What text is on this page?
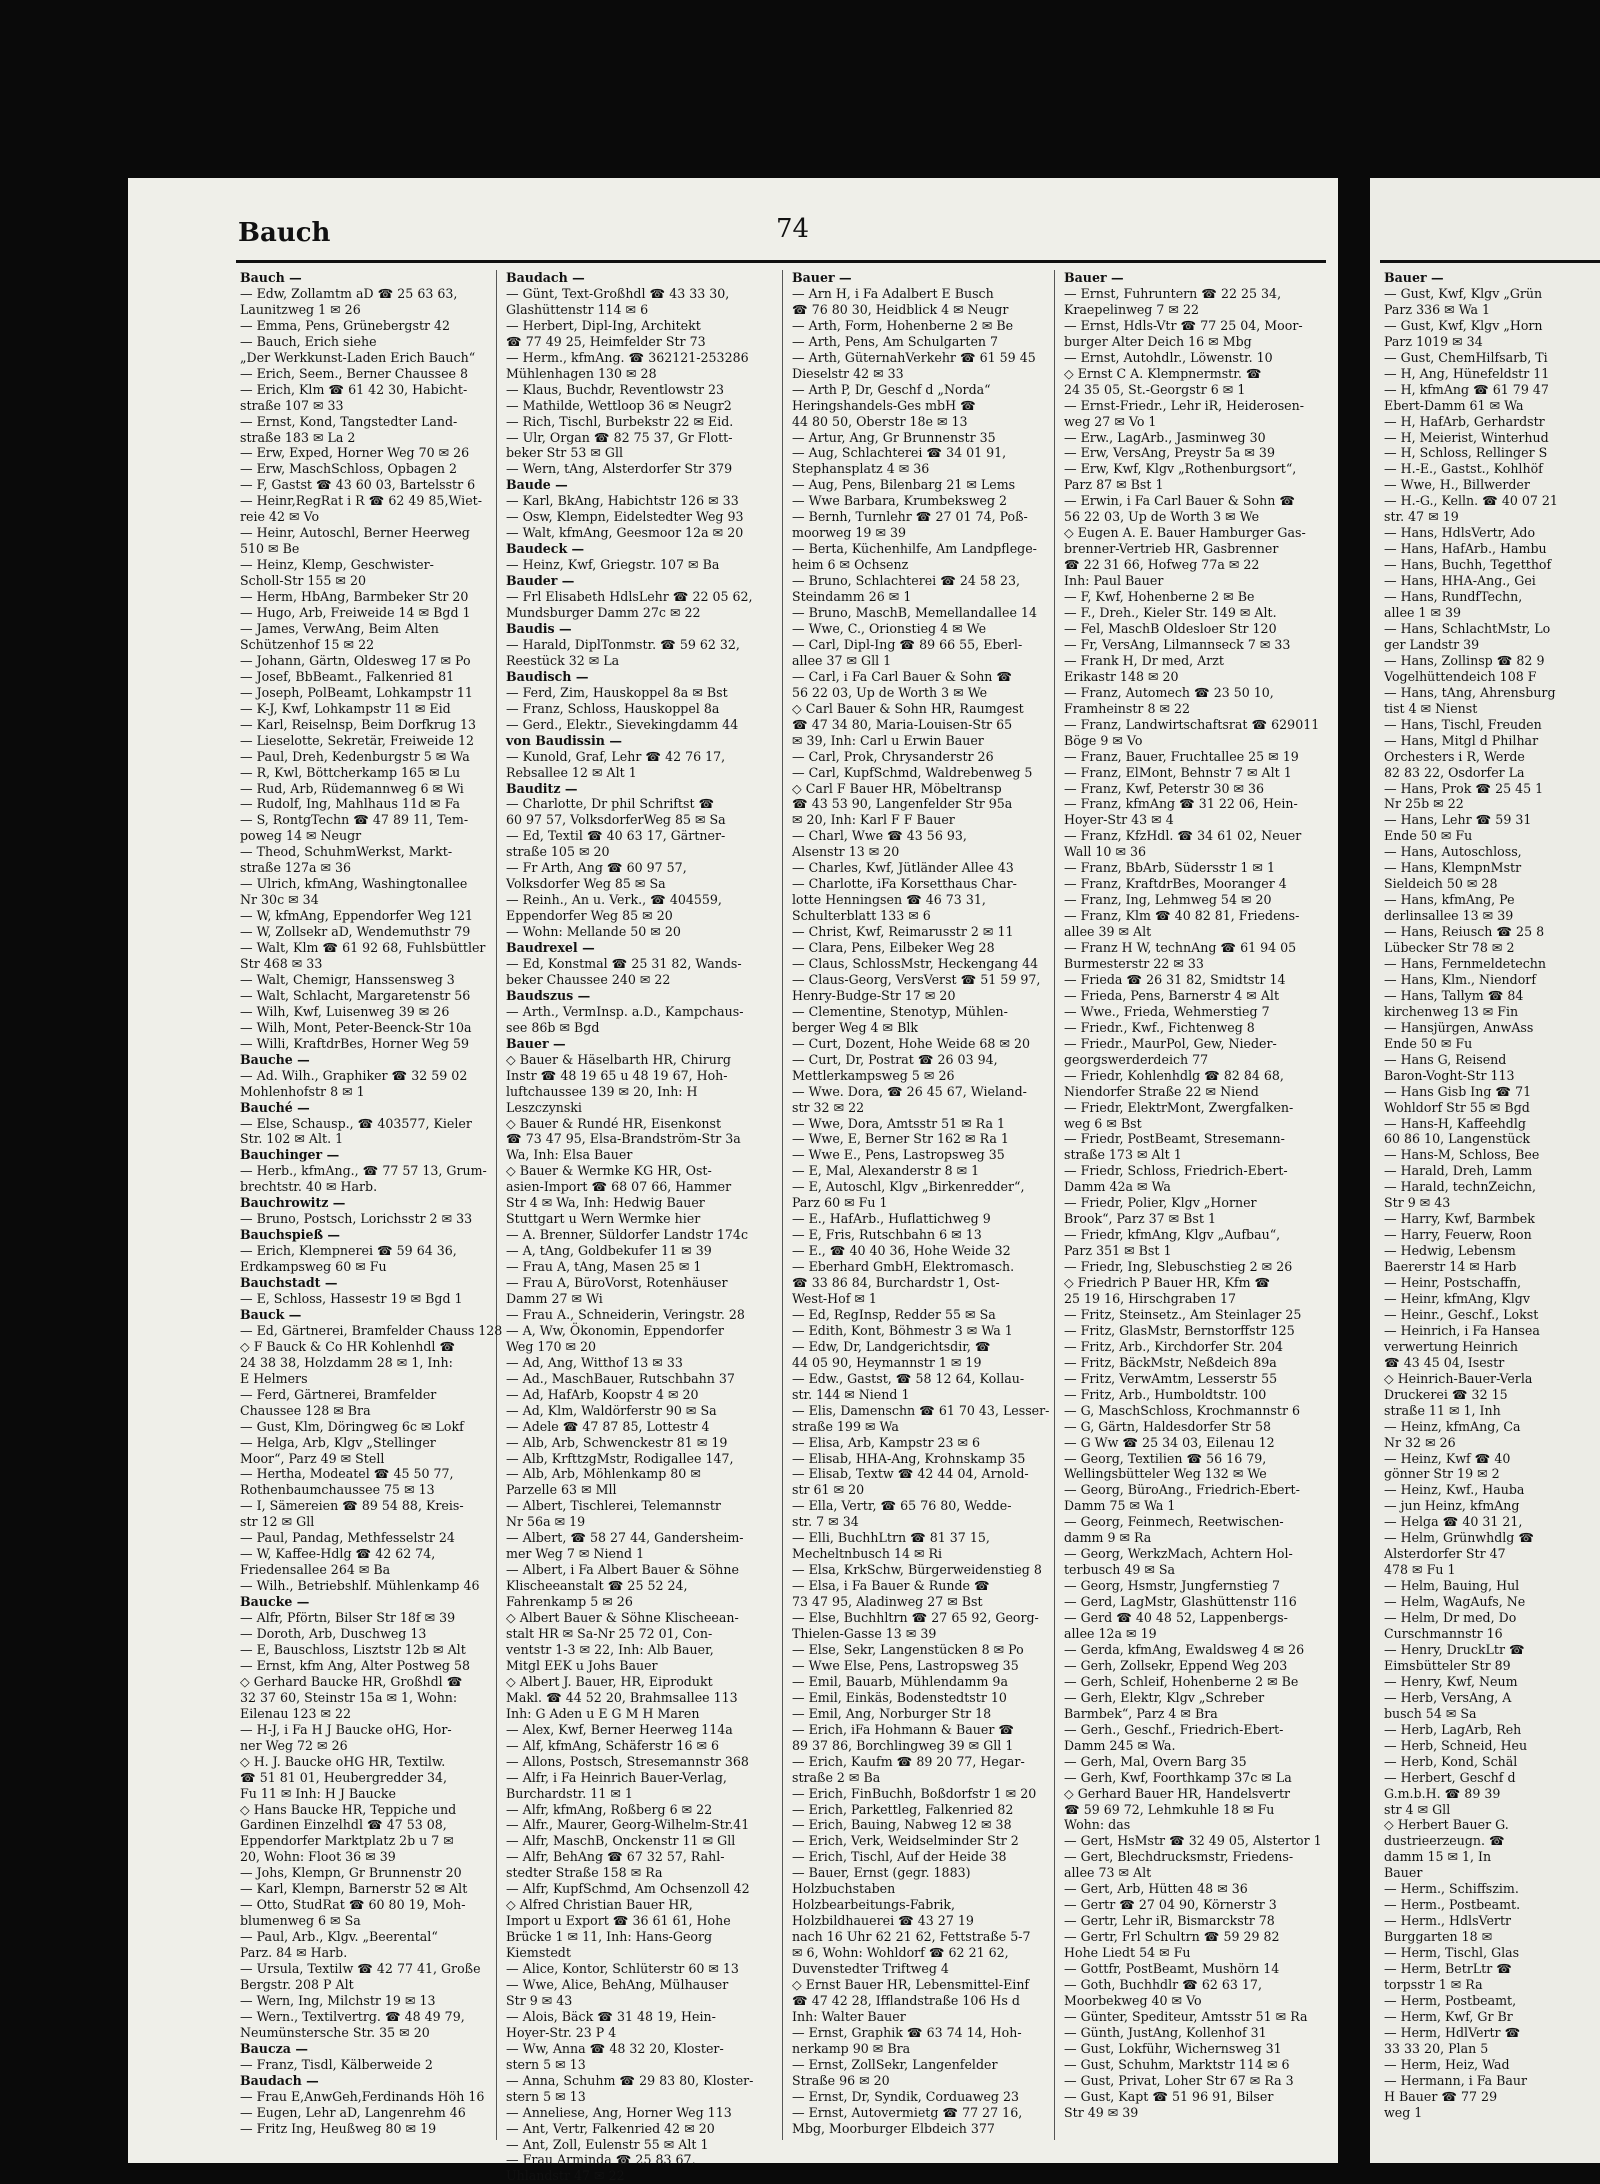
Bauch	74
Bauch —
— Edw, Zollamtm aD ☎ 25 63 63,
Launitzweg 1 ✉ 26
— Emma, Pens, Grünebergstr 42
— Bauch, Erich siehe
„Der Werkkunst-Laden Erich Bauch“
— Erich, Seem., Berner Chaussee 8
— Erich, Klm ☎ 61 42 30, Habicht-
straße 107 ✉ 33
— Ernst, Kond, Tangstedter Land-
straße 183 ✉ La 2
— Erw, Exped, Horner Weg 70 ✉ 26
— Erw, MaschSchloss, Opbagen 2
— F, Gastst ☎ 43 60 03, Bartelsstr 6
— Heinr,RegRat i R ☎ 62 49 85,Wiet-
reie 42 ✉ Vo
— Heinr, Autoschl, Berner Heerweg
510 ✉ Be
— Heinz, Klemp, Geschwister-
Scholl-Str 155 ✉ 20
— Herm, HbAng, Barmbeker Str 20
— Hugo, Arb, Freiweide 14 ✉ Bgd 1
— James, VerwAng, Beim Alten
Schützenhof 15 ✉ 22
— Johann, Gärtn, Oldesweg 17 ✉ Po
— Josef, BbBeamt., Falkenried 81
— Joseph, PolBeamt, Lohkampstr 11
— K-J, Kwf, Lohkampstr 11 ✉ Eid
— Karl, Reiselnsp, Beim Dorfkrug 13
— Lieselotte, Sekretär, Freiweide 12
— Paul, Dreh, Kedenburgstr 5 ✉ Wa
— R, Kwl, Böttcherkamp 165 ✉ Lu
— Rud, Arb, Rüdemannweg 6 ✉ Wi
— Rudolf, Ing, Mahlhaus 11d ✉ Fa
— S, RontgTechn ☎ 47 89 11, Tem-
poweg 14 ✉ Neugr
— Theod, SchuhmWerkst, Markt-
straße 127a ✉ 36
— Ulrich, kfmAng, Washingtonallee
Nr 30c ✉ 34
— W, kfmAng, Eppendorfer Weg 121
— W, Zollsekr aD, Wendemuthstr 79
— Walt, Klm ☎ 61 92 68, Fuhlsbüttler
Str 468 ✉ 33
— Walt, Chemigr, Hanssensweg 3
— Walt, Schlacht, Margaretenstr 56
— Wilh, Kwf, Luisenweg 39 ✉ 26
— Wilh, Mont, Peter-Beenck-Str 10a
— Willi, KraftdrBes, Horner Weg 59
Bauche —
— Ad. Wilh., Graphiker ☎ 32 59 02
Mohlenhofstr 8 ✉ 1
Bauché —
— Else, Schausp., ☎ 403577, Kieler
Str. 102 ✉ Alt. 1
Bauchinger —
— Herb., kfmAng., ☎ 77 57 13, Grum-
brechtstr. 40 ✉ Harb.
Bauchrowitz —
— Bruno, Postsch, Lorichsstr 2 ✉ 33
Bauchspieß —
— Erich, Klempnerei ☎ 59 64 36,
Erdkampsweg 60 ✉ Fu
Bauchstadt —
— E, Schloss, Hassestr 19 ✉ Bgd 1
Bauck —
— Ed, Gärtnerei, Bramfelder Chauss 128
◇ F Bauck & Co HR Kohlenhdl ☎
24 38 38, Holzdamm 28 ✉ 1, Inh:
E Helmers
— Ferd, Gärtnerei, Bramfelder
Chaussee 128 ✉ Bra
— Gust, Klm, Döringweg 6c ✉ Lokf
— Helga, Arb, Klgv „Stellinger
Moor“, Parz 49 ✉ Stell
— Hertha, Modeatel ☎ 45 50 77,
Rothenbaumchaussee 75 ✉ 13
— I, Sämereien ☎ 89 54 88, Kreis-
str 12 ✉ Gll
— Paul, Pandag, Methfesselstr 24
— W, Kaffee-Hdlg ☎ 42 62 74,
Friedensallee 264 ✉ Ba
— Wilh., Betriebshlf. Mühlenkamp 46
Baucke —
— Alfr, Pförtn, Bilser Str 18f ✉ 39
— Doroth, Arb, Duschweg 13
— E, Bauschloss, Lisztstr 12b ✉ Alt
— Ernst, kfm Ang, Alter Postweg 58
◇ Gerhard Baucke HR, Großhdl ☎
32 37 60, Steinstr 15a ✉ 1, Wohn:
Eilenau 123 ✉ 22
— H-J, i Fa H J Baucke oHG, Hor-
ner Weg 72 ✉ 26
◇ H. J. Baucke oHG HR, Textilw.
☎ 51 81 01, Heubergredder 34,
Fu 11 ✉ Inh: H J Baucke
◇ Hans Baucke HR, Teppiche und
Gardinen Einzelhdl ☎ 47 53 08,
Eppendorfer Marktplatz 2b u 7 ✉
20, Wohn: Floot 36 ✉ 39
— Johs, Klempn, Gr Brunnenstr 20
— Karl, Klempn, Barnerstr 52 ✉ Alt
— Otto, StudRat ☎ 60 80 19, Moh-
blumenweg 6 ✉ Sa
— Paul, Arb., Klgv. „Beerental“
Parz. 84 ✉ Harb.
— Ursula, Textilw ☎ 42 77 41, Große
Bergstr. 208 P Alt
— Wern, Ing, Milchstr 19 ✉ 13
— Wern., Textilvertrg. ☎ 48 49 79,
Neumünstersche Str. 35 ✉ 20
Baucza —
— Franz, Tisdl, Kälberweide 2
Baudach —
— Frau E,AnwGeh,Ferdinands Höh 16
— Eugen, Lehr aD, Langenrehm 46
— Fritz Ing, Heußweg 80 ✉ 19
Baudach —
— Günt, Text-Großhdl ☎ 43 33 30,
Glashüttenstr 114 ✉ 6
— Herbert, Dipl-Ing, Architekt
☎ 77 49 25, Heimfelder Str 73
— Herm., kfmAng. ☎ 362121-253286
Mühlenhagen 130 ✉ 28
— Klaus, Buchdr, Reventlowstr 23
— Mathilde, Wettloop 36 ✉ Neugr2
— Rich, Tischl, Burbekstr 22 ✉ Eid.
— Ulr, Organ ☎ 82 75 37, Gr Flott-
beker Str 53 ✉ Gll
— Wern, tAng, Alsterdorfer Str 379
Baude —
— Karl, BkAng, Habichtstr 126 ✉ 33
— Osw, Klempn, Eidelstedter Weg 93
— Walt, kfmAng, Geesmoor 12a ✉ 20
Baudeck —
— Heinz, Kwf, Griegstr. 107 ✉ Ba
Bauder —
— Frl Elisabeth HdlsLehr ☎ 22 05 62,
Mundsburger Damm 27c ✉ 22
Baudis —
— Harald, DiplTonmstr. ☎ 59 62 32,
Reestück 32 ✉ La
Baudisch —
— Ferd, Zim, Hauskoppel 8a ✉ Bst
— Franz, Schloss, Hauskoppel 8a
— Gerd., Elektr., Sievekingdamm 44
von Baudissin —
— Kunold, Graf, Lehr ☎ 42 76 17,
Rebsallee 12 ✉ Alt 1
Bauditz —
— Charlotte, Dr phil Schriftst ☎
60 97 57, VolksdorferWeg 85 ✉ Sa
— Ed, Textil ☎ 40 63 17, Gärtner-
straße 105 ✉ 20
— Fr Arth, Ang ☎ 60 97 57,
Volksdorfer Weg 85 ✉ Sa
— Reinh., An u. Verk., ☎ 404559,
Eppendorfer Weg 85 ✉ 20
— Wohn: Mellande 50 ✉ 20
Baudrexel —
— Ed, Konstmal ☎ 25 31 82, Wands-
beker Chaussee 240 ✉ 22
Baudszus —
— Arth., VermInsp. a.D., Kampchaus-
see 86b ✉ Bgd
Bauer —
◇ Bauer & Häselbarth HR, Chirurg
Instr ☎ 48 19 65 u 48 19 67, Hoh-
luftchaussee 139 ✉ 20, Inh: H
Leszczynski
◇ Bauer & Rundé HR, Eisenkonst
☎ 73 47 95, Elsa-Brandström-Str 3a
Wa, Inh: Elsa Bauer
◇ Bauer & Wermke KG HR, Ost-
asien-Import ☎ 68 07 66, Hammer
Str 4 ✉ Wa, Inh: Hedwig Bauer
Stuttgart u Wern Wermke hier
— A. Brenner, Süldorfer Landstr 174c
— A, tAng, Goldbekufer 11 ✉ 39
— Frau A, tAng, Masen 25 ✉ 1
— Frau A, BüroVorst, Rotenhäuser
Damm 27 ✉ Wi
— Frau A., Schneiderin, Veringstr. 28
— A, Ww, Ökonomin, Eppendorfer
Weg 170 ✉ 20
— Ad, Ang, Witthof 13 ✉ 33
— Ad., MaschBauer, Rutschbahn 37
— Ad, HafArb, Koopstr 4 ✉ 20
— Ad, Klm, Waldörferstr 90 ✉ Sa
— Adele ☎ 47 87 85, Lottestr 4
— Alb, Arb, Schwenckestr 81 ✉ 19
— Alb, KrfttzgMstr, Rodigallee 147,
— Alb, Arb, Möhlenkamp 80 ✉
Parzelle 63 ✉ Mll
— Albert, Tischlerei, Telemannstr
Nr 56a ✉ 19
— Albert, ☎ 58 27 44, Gandersheim-
mer Weg 7 ✉ Niend 1
— Albert, i Fa Albert Bauer & Söhne
Klischeeanstalt ☎ 25 52 24,
Fahrenkamp 5 ✉ 26
◇ Albert Bauer & Söhne Klischeean-
stalt HR ✉ Sa-Nr 25 72 01, Con-
ventstr 1-3 ✉ 22, Inh: Alb Bauer,
Mitgl EEK u Johs Bauer
◇ Albert J. Bauer, HR, Eiprodukt
Makl. ☎ 44 52 20, Brahmsallee 113
Inh: G Aden u E G M H Maren
— Alex, Kwf, Berner Heerweg 114a
— Alf, kfmAng, Schäferstr 16 ✉ 6
— Allons, Postsch, Stresemannstr 368
— Alfr, i Fa Heinrich Bauer-Verlag,
Burchardstr. 11 ✉ 1
— Alfr, kfmAng, Roßberg 6 ✉ 22
— Alfr., Maurer, Georg-Wilhelm-Str.41
— Alfr, MaschB, Onckenstr 11 ✉ Gll
— Alfr, BehAng ☎ 67 32 57, Rahl-
stedter Straße 158 ✉ Ra
— Alfr, KupfSchmd, Am Ochsenzoll 42
◇ Alfred Christian Bauer HR,
Import u Export ☎ 36 61 61, Hohe
Brücke 1 ✉ 11, Inh: Hans-Georg
Kiemstedt
— Alice, Kontor, Schlüterstr 60 ✉ 13
— Wwe, Alice, BehAng, Mülhauser
Str 9 ✉ 43
— Alois, Bäck ☎ 31 48 19, Hein-
Hoyer-Str. 23 P 4
— Ww, Anna ☎ 48 32 20, Kloster-
stern 5 ✉ 13
— Anna, Schuhm ☎ 29 83 80, Kloster-
stern 5 ✉ 13
— Anneliese, Ang, Horner Weg 113
— Ant, Vertr, Falkenried 42 ✉ 20
— Ant, Zoll, Eulenstr 55 ✉ Alt 1
— Frau Arminda ☎ 25 83 67,
Uhlandstr 47 ✉ 22
Bauer —
— Arn H, i Fa Adalbert E Busch
☎ 76 80 30, Heidblick 4 ✉ Neugr
— Arth, Form, Hohenberne 2 ✉ Be
— Arth, Pens, Am Schulgarten 7
— Arth, GüternahVerkehr ☎ 61 59 45
Dieselstr 42 ✉ 33
— Arth P, Dr, Geschf d „Norda“
Heringshandels-Ges mbH ☎
44 80 50, Oberstr 18e ✉ 13
— Artur, Ang, Gr Brunnenstr 35
— Aug, Schlachterei ☎ 34 01 91,
Stephansplatz 4 ✉ 36
— Aug, Pens, Bilenbarg 21 ✉ Lems
— Wwe Barbara, Krumbeksweg 2
— Bernh, Turnlehr ☎ 27 01 74, Poß-
moorweg 19 ✉ 39
— Berta, Küchenhilfe, Am Landpflege-
heim 6 ✉ Ochsenz
— Bruno, Schlachterei ☎ 24 58 23,
Steindamm 26 ✉ 1
— Bruno, MaschB, Memellandallee 14
— Wwe, C., Orionstieg 4 ✉ We
— Carl, Dipl-Ing ☎ 89 66 55, Eberl-
allee 37 ✉ Gll 1
— Carl, i Fa Carl Bauer & Sohn ☎
56 22 03, Up de Worth 3 ✉ We
◇ Carl Bauer & Sohn HR, Raumgest
☎ 47 34 80, Maria-Louisen-Str 65
✉ 39, Inh: Carl u Erwin Bauer
— Carl, Prok, Chrysanderstr 26
— Carl, KupfSchmd, Waldrebenweg 5
◇ Carl F Bauer HR, Möbeltransp
☎ 43 53 90, Langenfelder Str 95a
✉ 20, Inh: Karl F F Bauer
— Charl, Wwe ☎ 43 56 93,
Alsenstr 13 ✉ 20
— Charles, Kwf, Jütländer Allee 43
— Charlotte, iFa Korsetthaus Char-
lotte Henningsen ☎ 46 73 31,
Schulterblatt 133 ✉ 6
— Christ, Kwf, Reimarusstr 2 ✉ 11
— Clara, Pens, Eilbeker Weg 28
— Claus, SchlossMstr, Heckengang 44
— Claus-Georg, VersVerst ☎ 51 59 97,
Henry-Budge-Str 17 ✉ 20
— Clementine, Stenotyp, Mühlen-
berger Weg 4 ✉ Blk
— Curt, Dozent, Hohe Weide 68 ✉ 20
— Curt, Dr, Postrat ☎ 26 03 94,
Mettlerkampsweg 5 ✉ 26
— Wwe. Dora, ☎ 26 45 67, Wieland-
str 32 ✉ 22
— Wwe, Dora, Amtsstr 51 ✉ Ra 1
— Wwe, E, Berner Str 162 ✉ Ra 1
— Wwe E., Pens, Lastropsweg 35
— E, Mal, Alexanderstr 8 ✉ 1
— E, Autoschl, Klgv „Birkenredder“,
Parz 60 ✉ Fu 1
— E., HafArb., Huflattichweg 9
— E, Fris, Rutschbahn 6 ✉ 13
— E., ☎ 40 40 36, Hohe Weide 32
— Eberhard GmbH, Elektromasch.
☎ 33 86 84, Burchardstr 1, Ost-
West-Hof ✉ 1
— Ed, RegInsp, Redder 55 ✉ Sa
— Edith, Kont, Böhmestr 3 ✉ Wa 1
— Edw, Dr, Landgerichtsdir, ☎
44 05 90, Heymannstr 1 ✉ 19
— Edw., Gastst, ☎ 58 12 64, Kollau-
str. 144 ✉ Niend 1
— Elis, Damenschn ☎ 61 70 43, Lesser-
straße 199 ✉ Wa
— Elisa, Arb, Kampstr 23 ✉ 6
— Elisab, HHA-Ang, Krohnskamp 35
— Elisab, Textw ☎ 42 44 04, Arnold-
str 61 ✉ 20
— Ella, Vertr, ☎ 65 76 80, Wedde-
str. 7 ✉ 34
— Elli, BuchhLtrn ☎ 81 37 15,
Mecheltnbusch 14 ✉ Ri
— Elsa, KrkSchw, Bürgerweidenstieg 8
— Elsa, i Fa Bauer & Runde ☎
73 47 95, Aladinweg 27 ✉ Bst
— Else, Buchhltrn ☎ 27 65 92, Georg-
Thielen-Gasse 13 ✉ 39
— Else, Sekr, Langenstücken 8 ✉ Po
— Wwe Else, Pens, Lastropsweg 35
— Emil, Bauarb, Mühlendamm 9a
— Emil, Einkäs, Bodenstedtstr 10
— Emil, Ang, Norburger Str 18
— Erich, iFa Hohmann & Bauer ☎
89 37 86, Borchlingweg 39 ✉ Gll 1
— Erich, Kaufm ☎ 89 20 77, Hegar-
straße 2 ✉ Ba
— Erich, FinBuchh, Boßdorfstr 1 ✉ 20
— Erich, Parkettleg, Falkenried 82
— Erich, Bauing, Nabweg 12 ✉ 38
— Erich, Verk, Weidselminder Str 2
— Erich, Tischl, Auf der Heide 38
— Bauer, Ernst (gegr. 1883)
Holzbuchstaben
Holzbearbeitungs-Fabrik,
Holzbildhauerei ☎ 43 27 19
nach 16 Uhr 62 21 62, Fettstraße 5-7
✉ 6, Wohn: Wohldorf ☎ 62 21 62,
Duvenstedter Triftweg 4
◇ Ernst Bauer HR, Lebensmittel-Einf
☎ 47 42 28, Ifflandstraße 106 Hs d
Inh: Walter Bauer
— Ernst, Graphik ☎ 63 74 14, Hoh-
nerkamp 90 ✉ Bra
— Ernst, ZollSekr, Langenfelder
Straße 96 ✉ 20
— Ernst, Dr, Syndik, Corduaweg 23
— Ernst, Autovermietg ☎ 77 27 16,
Mbg, Moorburger Elbdeich 377
Bauer —
— Ernst, Fuhruntern ☎ 22 25 34,
Kraepelinweg 7 ✉ 22
— Ernst, Hdls-Vtr ☎ 77 25 04, Moor-
burger Alter Deich 16 ✉ Mbg
— Ernst, Autohdlr., Löwenstr. 10
◇ Ernst C A. Klempnermstr. ☎
24 35 05, St.-Georgstr 6 ✉ 1
— Ernst-Friedr., Lehr iR, Heiderosen-
weg 27 ✉ Vo 1
— Erw., LagArb., Jasminweg 30
— Erw, VersAng, Preystr 5a ✉ 39
— Erw, Kwf, Klgv „Rothenburgsort“,
Parz 87 ✉ Bst 1
— Erwin, i Fa Carl Bauer & Sohn ☎
56 22 03, Up de Worth 3 ✉ We
◇ Eugen A. E. Bauer Hamburger Gas-
brenner-Vertrieb HR, Gasbrenner
☎ 22 31 66, Hofweg 77a ✉ 22
Inh: Paul Bauer
— F, Kwf, Hohenberne 2 ✉ Be
— F., Dreh., Kieler Str. 149 ✉ Alt.
— Fel, MaschB Oldesloer Str 120
— Fr, VersAng, Lilmannseck 7 ✉ 33
— Frank H, Dr med, Arzt
Erikastr 148 ✉ 20
— Franz, Automech ☎ 23 50 10,
Framheinstr 8 ✉ 22
— Franz, Landwirtschaftsrat ☎ 629011
Böge 9 ✉ Vo
— Franz, Bauer, Fruchtallee 25 ✉ 19
— Franz, ElMont, Behnstr 7 ✉ Alt 1
— Franz, Kwf, Peterstr 30 ✉ 36
— Franz, kfmAng ☎ 31 22 06, Hein-
Hoyer-Str 43 ✉ 4
— Franz, KfzHdl. ☎ 34 61 02, Neuer
Wall 10 ✉ 36
— Franz, BbArb, Südersstr 1 ✉ 1
— Franz, KraftdrBes, Mooranger 4
— Franz, Ing, Lehmweg 54 ✉ 20
— Franz, Klm ☎ 40 82 81, Friedens-
allee 39 ✉ Alt
— Franz H W, technAng ☎ 61 94 05
Burmesterstr 22 ✉ 33
— Frieda ☎ 26 31 82, Smidtstr 14
— Frieda, Pens, Barnerstr 4 ✉ Alt
— Wwe., Frieda, Wehmerstieg 7
— Friedr., Kwf., Fichtenweg 8
— Friedr., MaurPol, Gew, Nieder-
georgswerderdeich 77
— Friedr, Kohlenhdlg ☎ 82 84 68,
Niendorfer Straße 22 ✉ Niend
— Friedr, ElektrMont, Zwergfalken-
weg 6 ✉ Bst
— Friedr, PostBeamt, Stresemann-
straße 173 ✉ Alt 1
— Friedr, Schloss, Friedrich-Ebert-
Damm 42a ✉ Wa
— Friedr, Polier, Klgv „Horner
Brook“, Parz 37 ✉ Bst 1
— Friedr, kfmAng, Klgv „Aufbau“,
Parz 351 ✉ Bst 1
— Friedr, Ing, Slebuschstieg 2 ✉ 26
◇ Friedrich P Bauer HR, Kfm ☎
25 19 16, Hirschgraben 17
— Fritz, Steinsetz., Am Steinlager 25
— Fritz, GlasMstr, Bernstorffstr 125
— Fritz, Arb., Kirchdorfer Str. 204
— Fritz, BäckMstr, Neßdeich 89a
— Fritz, VerwAmtm, Lesserstr 55
— Fritz, Arb., Humboldtstr. 100
— G, MaschSchloss, Krochmannstr 6
— G, Gärtn, Haldesdorfer Str 58
— G Ww ☎ 25 34 03, Eilenau 12
— Georg, Textilien ☎ 56 16 79,
Wellingsbütteler Weg 132 ✉ We
— Georg, BüroAng., Friedrich-Ebert-
Damm 75 ✉ Wa 1
— Georg, Feinmech, Reetwischen-
damm 9 ✉ Ra
— Georg, WerkzMach, Achtern Hol-
terbusch 49 ✉ Sa
— Georg, Hsmstr, Jungfernstieg 7
— Gerd, LagMstr, Glashüttenstr 116
— Gerd ☎ 40 48 52, Lappenbergs-
allee 12a ✉ 19
— Gerda, kfmAng, Ewaldsweg 4 ✉ 26
— Gerh, Zollsekr, Eppend Weg 203
— Gerh, Schleif, Hohenberne 2 ✉ Be
— Gerh, Elektr, Klgv „Schreber
Barmbek“, Parz 4 ✉ Bra
— Gerh., Geschf., Friedrich-Ebert-
Damm 245 ✉ Wa.
— Gerh, Mal, Overn Barg 35
— Gerh, Kwf, Foorthkamp 37c ✉ La
◇ Gerhard Bauer HR, Handelsvertr
☎ 59 69 72, Lehmkuhle 18 ✉ Fu
Wohn: das
— Gert, HsMstr ☎ 32 49 05, Alstertor 1
— Gert, Blechdrucksmstr, Friedens-
allee 73 ✉ Alt
— Gert, Arb, Hütten 48 ✉ 36
— Gertr ☎ 27 04 90, Körnerstr 3
— Gertr, Lehr iR, Bismarckstr 78
— Gertr, Frl Schultrn ☎ 59 29 82
Hohe Liedt 54 ✉ Fu
— Gottfr, PostBeamt, Mushörn 14
— Goth, Buchhdlr ☎ 62 63 17,
Moorbekweg 40 ✉ Vo
— Günter, Spediteur, Amtsstr 51 ✉ Ra
— Günth, JustAng, Kollenhof 31
— Gust, Lokführ, Wichernsweg 31
— Gust, Schuhm, Marktstr 114 ✉ 6
— Gust, Privat, Loher Str 67 ✉ Ra 3
— Gust, Kapt ☎ 51 96 91, Bilser
Str 49 ✉ 39
Bauer —
— Gust, Kwf, Klgv „Grün
Parz 336 ✉ Wa 1
— Gust, Kwf, Klgv „Horn
Parz 1019 ✉ 34
— Gust, ChemHilfsarb, Ti
— H, Ang, Hünefeldstr 11
— H, kfmAng ☎ 61 79 47
Ebert-Damm 61 ✉ Wa
— H, HafArb, Gerhardstr
— H, Meierist, Winterhud
— H, Schloss, Rellinger S
— H.-E., Gastst., Kohlhöf
— Wwe, H., Billwerder
— H.-G., Kelln. ☎ 40 07 21
str. 47 ✉ 19
— Hans, HdlsVertr, Ado
— Hans, HafArb., Hambu
— Hans, Buchh, Tegetthof
— Hans, HHA-Ang., Gei
— Hans, RundfTechn,
allee 1 ✉ 39
— Hans, SchlachtMstr, Lo
ger Landstr 39
— Hans, Zollinsp ☎ 82 9
Vogelhüttendeich 108 F
— Hans, tAng, Ahrensburg
tist 4 ✉ Nienst
— Hans, Tischl, Freuden
— Hans, Mitgl d Philhar
Orchesters i R, Werde
82 83 22, Osdorfer La
— Hans, Prok ☎ 25 45 1
Nr 25b ✉ 22
— Hans, Lehr ☎ 59 31
Ende 50 ✉ Fu
— Hans, Autoschloss,
— Hans, KlempnMstr
Sieldeich 50 ✉ 28
— Hans, kfmAng, Pe
derlinsallee 13 ✉ 39
— Hans, Reiusch ☎ 25 8
Lübecker Str 78 ✉ 2
— Hans, Fernmeldetechn
— Hans, Klm., Niendorf
— Hans, Tallym ☎ 84
kirchenweg 13 ✉ Fin
— Hansjürgen, AnwAss
Ende 50 ✉ Fu
— Hans G, Reisend
Baron-Voght-Str 113
— Hans Gisb Ing ☎ 71
Wohldorf Str 55 ✉ Bgd
— Hans-H, Kaffeehdlg
60 86 10, Langenstück
— Hans-M, Schloss, Bee
— Harald, Dreh, Lamm
— Harald, technZeichn,
Str 9 ✉ 43
— Harry, Kwf, Barmbek
— Harry, Feuerw, Roon
— Hedwig, Lebensm
Baererstr 14 ✉ Harb
— Heinr, Postschaffn,
— Heinr, kfmAng, Klgv
— Heinr., Geschf., Lokst
— Heinrich, i Fa Hansea
verwertung Heinrich
☎ 43 45 04, Isestr
◇ Heinrich-Bauer-Verla
Druckerei ☎ 32 15
straße 11 ✉ 1, Inh
— Heinz, kfmAng, Ca
Nr 32 ✉ 26
— Heinz, Kwf ☎ 40
gönner Str 19 ✉ 2
— Heinz, Kwf., Hauba
— jun Heinz, kfmAng
— Helga ☎ 40 31 21,
— Helm, Grünwhdlg ☎
Alsterdorfer Str 47
478 ✉ Fu 1
— Helm, Bauing, Hul
— Helm, WagAufs, Ne
— Helm, Dr med, Do
Curschmannstr 16
— Henry, DruckLtr ☎
Eimsbütteler Str 89
— Henry, Kwf, Neum
— Herb, VersAng, A
busch 54 ✉ Sa
— Herb, LagArb, Reh
— Herb, Schneid, Heu
— Herb, Kond, Schäl
— Herbert, Geschf d
G.m.b.H. ☎ 89 39
str 4 ✉ Gll
◇ Herbert Bauer G.
dustrieerzeugn. ☎
damm 15 ✉ 1, In
Bauer
— Herm., Schiffszim.
— Herm., Postbeamt.
— Herm., HdlsVertr
Burggarten 18 ✉
— Herm, Tischl, Glas
— Herm, BetrLtr ☎
torpsstr 1 ✉ Ra
— Herm, Postbeamt,
— Herm, Kwf, Gr Br
— Herm, HdlVertr ☎
33 33 20, Plan 5
— Herm, Heiz, Wad
— Hermann, i Fa Baur
H Bauer ☎ 77 29
weg 1
